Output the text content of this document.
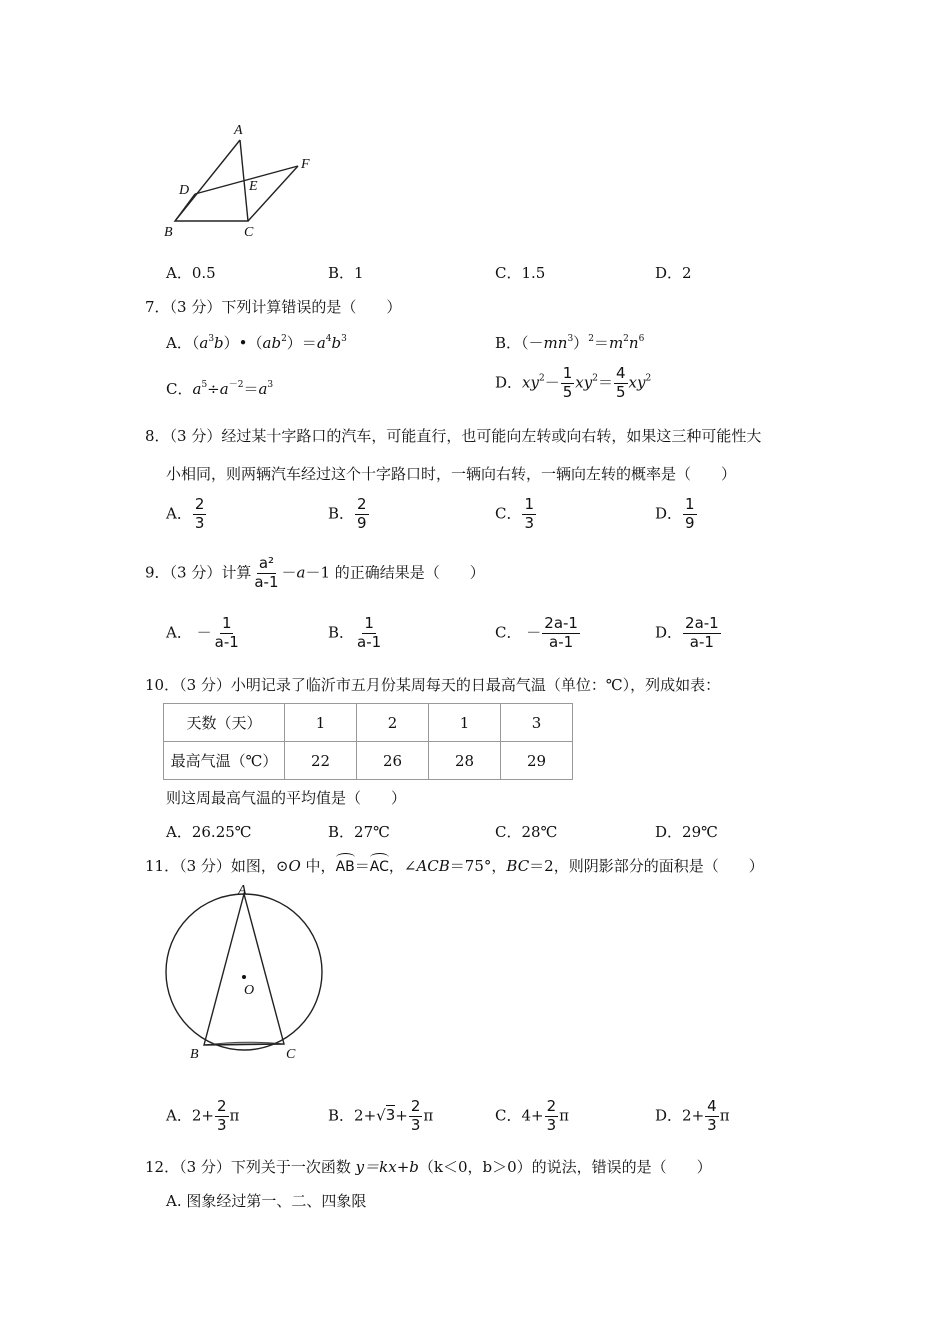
A
B	C
D	E
F
A．0.5	B．1	C．1.5	D．2
7．（3 分）下列计算错误的是（　　）
A．$(a^3b)•(ab^2)=a^4b^3$	B．$(-mn^3)^2=m^2n^6$
C．$a^5\div a^{-2}=a^3$	D．$xy^2- \frac{1}{5} xy^2= \frac{4}{5} xy^2$
8．（3 分）经过某十字路口的汽车，可能直行，也可能向左转或向右转，如果这三种可能性大
小相同，则两辆汽车经过这个十字路口时，一辆向右转，一辆向左转的概率是（　　）
A． $\frac{2}{3}$	B． $\frac{2}{9}$	C． $\frac{1}{3}$	D． $\frac{1}{9}$
9．（3 分）计算 $\frac{\text{a²}}{a-1} -a-1$ 的正确结果是（　　）
A． － $\frac{1}{a-1}$	B． $\frac{1}{a-1}$	C． － $\frac{2a-1}{a-1}$	D． $\frac{2a-1}{a-1}$
10．（3 分）小明记录了临沂市五月份某周每天的日最高气温（单位：℃），列成如表：
天数（天）	1	2	1	3
最高气温（℃）	22	26	28	29
则这周最高气温的平均值是（　　）
A．26.25℃	B．27℃	C．28℃	D．29℃
11．（3 分）如图，⊙O 中，AB＝AC，∠ACB＝75°，BC＝2，则阴影部分的面积是（　　）
A
O
B	C
A．$2+ \frac{2}{3}$ π	B．$2+√3+ \frac{2}{3}$ π	C．$4+ \frac{2}{3}$ π	D．$2+ \frac{4}{3}$ π
12．（3 分）下列关于一次函数 y＝kx+b（k＜0，b＞0）的说法，错误的是（　　）
A. 图象经过第一、二、四象限
